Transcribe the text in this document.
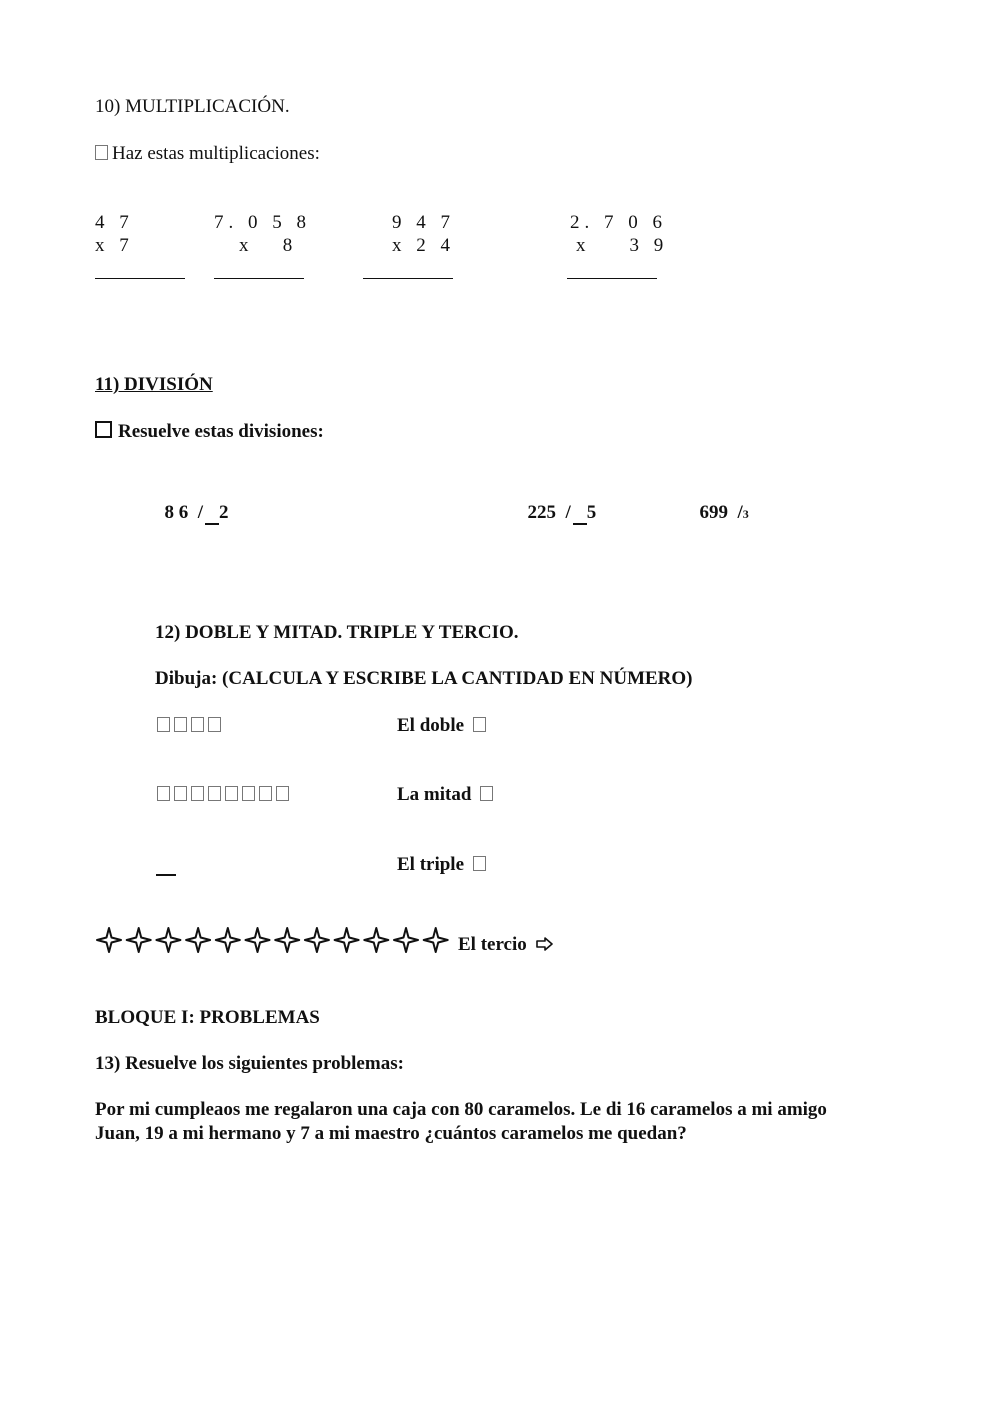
10) MULTIPLICACIÓN.
Haz estas multiplicaciones:
4 7
x 7
7. 0 5 8
x   8
9 4 7
x 2 4
2. 7 0 6
x    3 9
11) DIVISIÓN
Resuelve estas divisiones:

8 6  / 2	225  / 5	699  /3

12) DOBLE Y MITAD. TRIPLE Y TERCIO.
Dibuja: (CALCULA Y ESCRIBE LA CANTIDAD EN NÚMERO)
El doble
La mitad
El triple
El tercio
BLOQUE I: PROBLEMAS
13) Resuelve los siguientes problemas:
Por mi cumpleaos me regalaron una caja con 80 caramelos. Le di 16 caramelos a mi amigo
Juan, 19 a mi hermano y 7 a mi maestro ¿cuántos caramelos me quedan?
